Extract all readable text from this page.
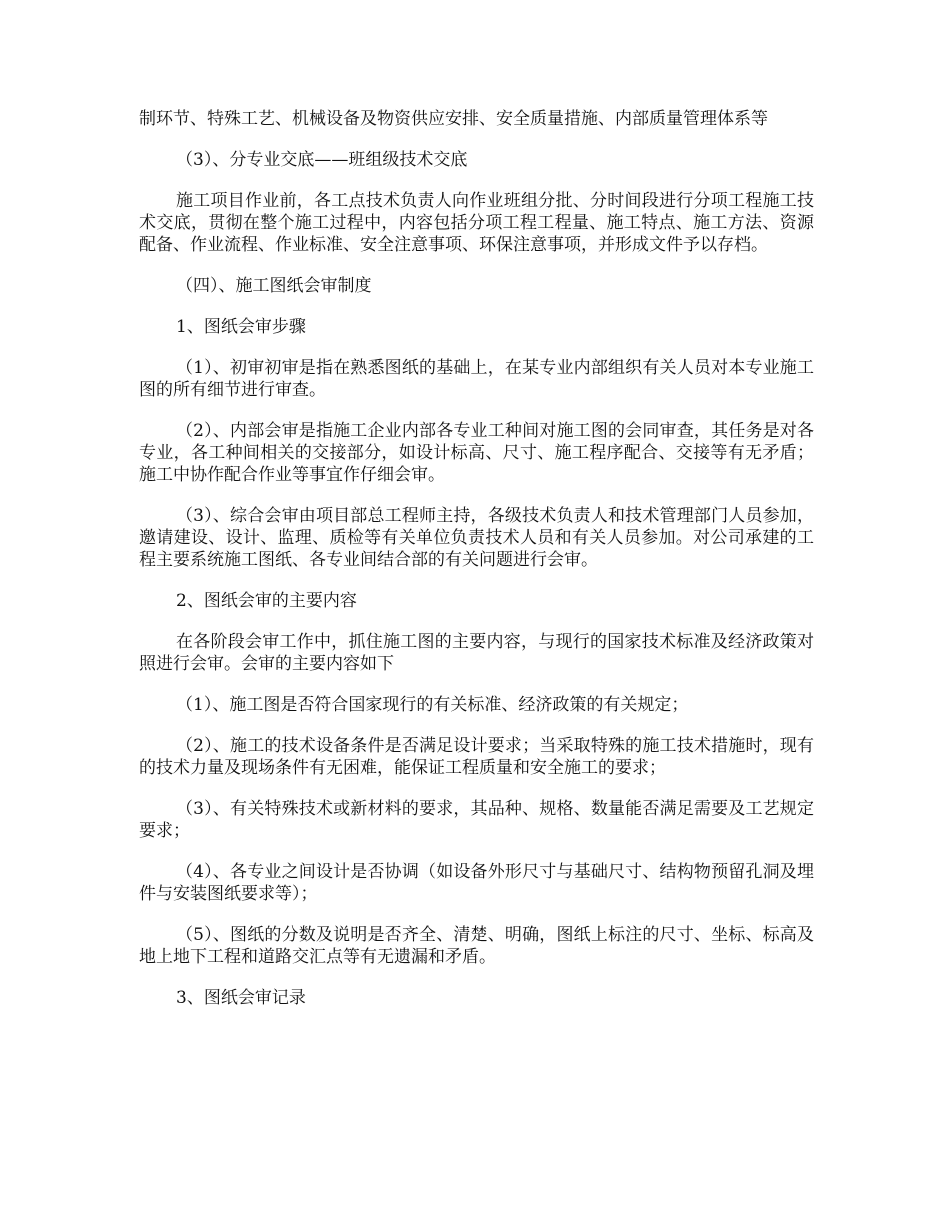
制环节、特殊工艺、机械设备及物资供应安排、安全质量措施、内部质量管理体系等

（3）、分专业交底——班组级技术交底

施工项目作业前，各工点技术负责人向作业班组分批、分时间段进行分项工程施工技术交底，贯彻在整个施工过程中，内容包括分项工程工程量、施工特点、施工方法、资源配备、作业流程、作业标准、安全注意事项、环保注意事项，并形成文件予以存档。

（四）、施工图纸会审制度

1、图纸会审步骤

（1）、初审初审是指在熟悉图纸的基础上，在某专业内部组织有关人员对本专业施工图的所有细节进行审查。

（2）、内部会审是指施工企业内部各专业工种间对施工图的会同审查，其任务是对各专业，各工种间相关的交接部分，如设计标高、尺寸、施工程序配合、交接等有无矛盾；施工中协作配合作业等事宜作仔细会审。

（3）、综合会审由项目部总工程师主持，各级技术负责人和技术管理部门人员参加，邀请建设、设计、监理、质检等有关单位负责技术人员和有关人员参加。对公司承建的工程主要系统施工图纸、各专业间结合部的有关问题进行会审。

2、图纸会审的主要内容

在各阶段会审工作中，抓住施工图的主要内容，与现行的国家技术标准及经济政策对照进行会审。会审的主要内容如下

（1）、施工图是否符合国家现行的有关标准、经济政策的有关规定；

（2）、施工的技术设备条件是否满足设计要求；当采取特殊的施工技术措施时，现有的技术力量及现场条件有无困难，能保证工程质量和安全施工的要求；

（3）、有关特殊技术或新材料的要求，其品种、规格、数量能否满足需要及工艺规定要求；

（4）、各专业之间设计是否协调（如设备外形尺寸与基础尺寸、结构物预留孔洞及埋件与安装图纸要求等）；

（5）、图纸的分数及说明是否齐全、清楚、明确，图纸上标注的尺寸、坐标、标高及地上地下工程和道路交汇点等有无遗漏和矛盾。

3、图纸会审记录
